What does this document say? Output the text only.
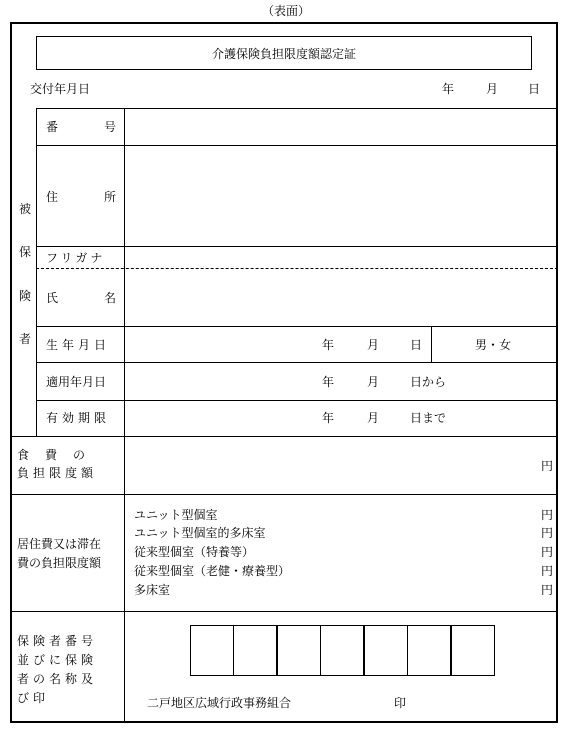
（表面）
介護保険負担限度額認定証
交付年月日	年	月 日
被
保
険
者
番	号
住	所
フリガナ
氏	名
生年月日	年	月	日	男・女
適用年月日	年	月	日から
有効期限	年	月	日まで
食　費　の
負担限度額	円
居住費又は滞在
費の負担限度額
ユニット型個室	円
ユニット型個室的多床室	円
従来型個室（特養等）	円
従来型個室（老健・療養型）	円
多床室	円
保険者番号
並びに保険
者の名称及
び印	二戸地区広域行政事務組合	印
